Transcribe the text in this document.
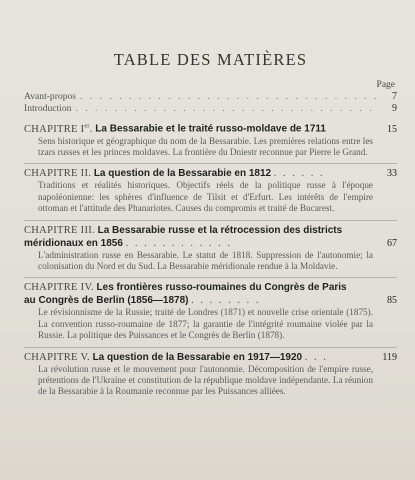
TABLE DES MATIÈRES
Page
Avant-propos . . .	7
Introduction . . .	9
CHAPITRE Ier. La Bessarabie et le traité russo-moldave de 1711	15
Sens historique et géographique du nom de la Bessarabie. Les premières relations entre les tzars russes et les princes moldaves. La frontière du Dniestr reconnue par Pierre le Grand.
CHAPITRE II. La question de la Bessarabie en 1812 . . . . . .	33
Traditions et réalités historiques. Objectifs réels de la politique russe à l'époque napoléonienne: les sphères d'influence de Tilsit et d'Erfurt. Les intérêts de l'empire ottoman et l'attitude des Phanariotes. Causes du compromis et traité de Bucarest.
CHAPITRE III. La Bessarabie russe et la rétrocession des districts
méridionaux en 1856 . . . . . . . . . . . .	67
L'administration russe en Bessarabie. Le statut de 1818. Suppression de l'autonomie; la colonisation du Nord et du Sud. La Bessarabie méridionale rendue à la Moldavie.
CHAPITRE IV. Les frontières russo-roumaines du Congrès de Paris
au Congrès de Berlin (1856—1878) . . . . . . . .	85
Le révisionnisme de la Russie; traité de Londres (1871) et nouvelle crise orientale (1875). La convention russo-roumaine de 1877; la garantie de l'intégrité roumaine violée par la Russie. La politique des Puissances et le Congrès de Berlin (1878).
CHAPITRE V. La question de la Bessarabie en 1917—1920 . . .	119
La révolution russe et le mouvement pour l'autonomie. Décomposition de l'empire russe, prétentions de l'Ukraine et constitution de la république moldave indépendante. La réunion de la Bessarabie à la Roumanie reconnue par les Puissances alliées.
